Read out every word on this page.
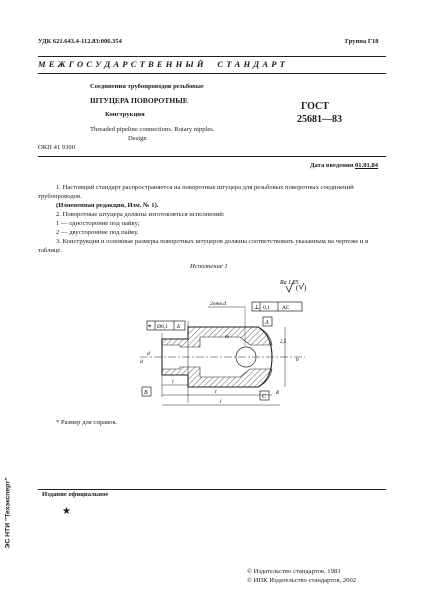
УДК 621.643.4-112.83:006.354	Группа Г18
М Е Ж Г О С У Д А Р С Т В Е Н Н Ы Й     С Т А Н Д А Р Т
Соединения трубопроводов резьбовые
ШТУЦЕРА ПОВОРОТНЫЕ
Конструкция
Threaded pipeline connections. Rotary nipples.
Design
ГОСТ
25681—83
ОКП 41 9300
Дата введения 01.01.84
1. Настоящий стандарт распространяется на поворотные штуцера для резьбовых поворотных соединений трубопроводов.
(Измененная редакция, Изм. № 1).
2. Поворотные штуцера должны изготовляться исполнений:
1 — одностороние под пайку;
2 — двусторонние под пайку.
3. Конструкция и основные размеры поворотных штуцеров должны соответствовать указанным на чертеже и в таблице.
Исполнение 1
Ra 1,25
( )
⊥ 0,1 АС
⌖ Ø0,1 Б
A
В
С
2отв.d
m
d
d
b
2,5
R
l
l
l
* Размер для справок.
ЭС НТИ "Техэксперт"	Издание официальное
★
© Издательство стандартов, 1983
© ИПК Издательство стандартов, 2002
